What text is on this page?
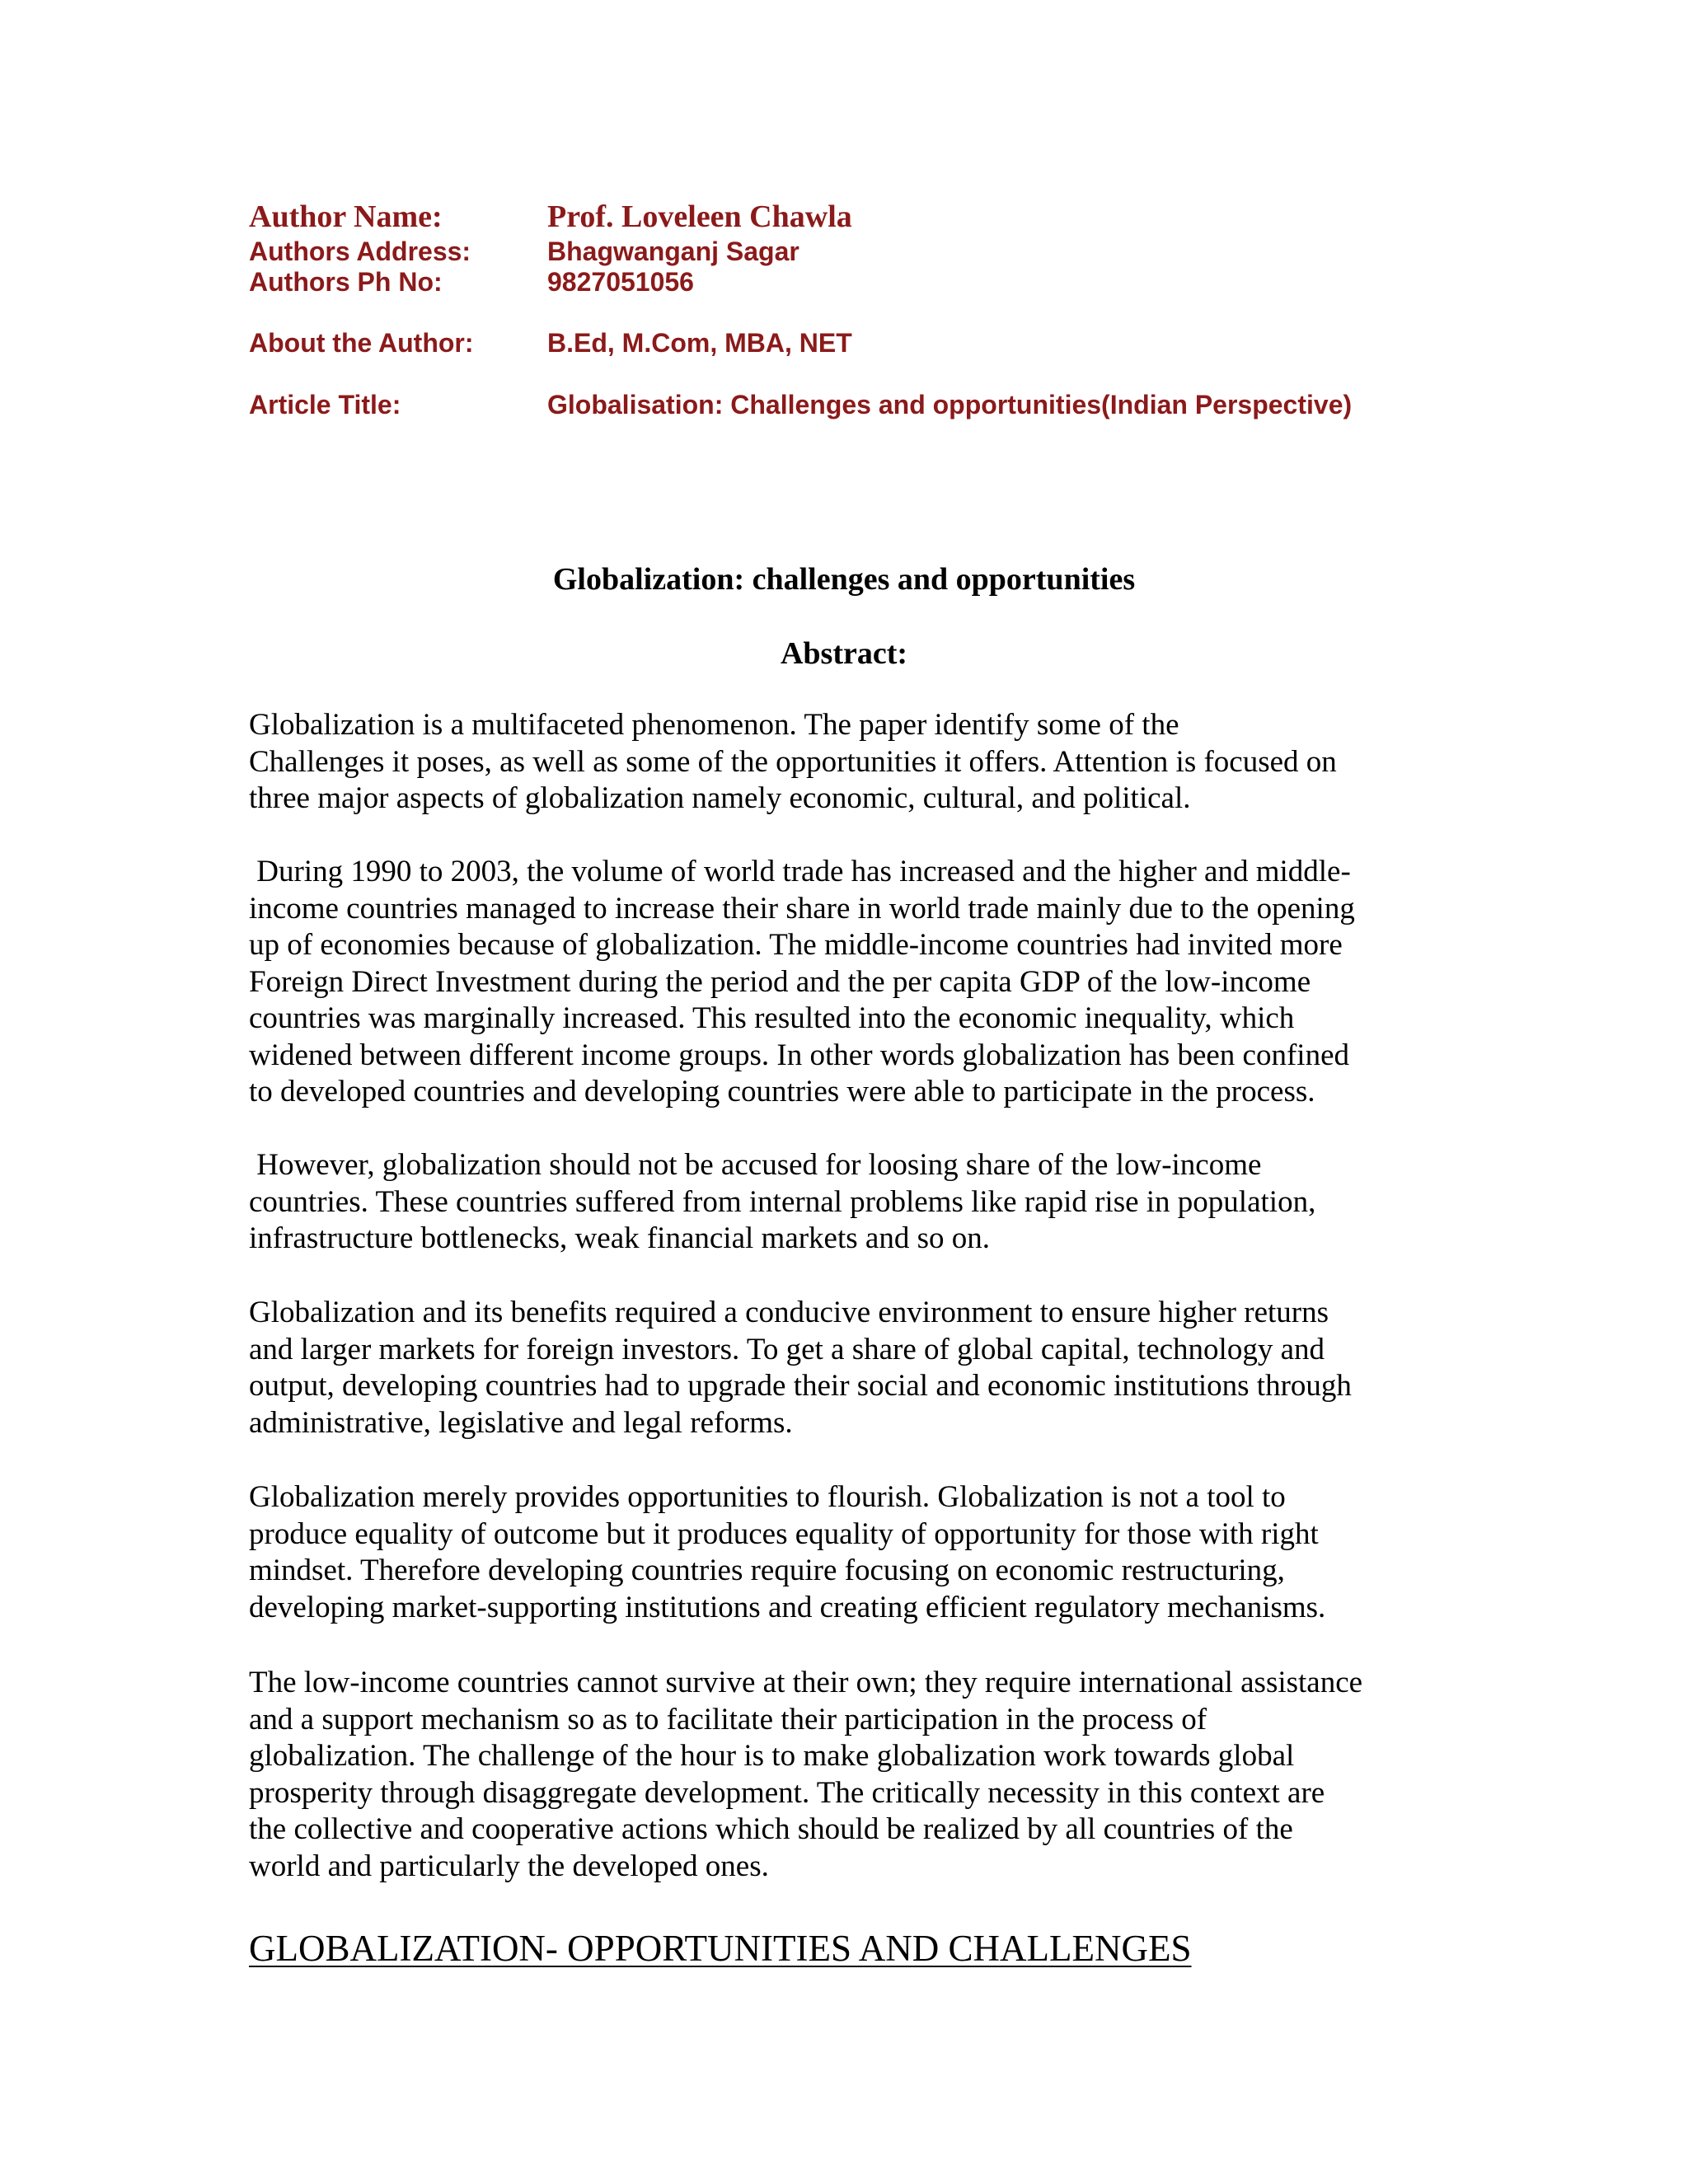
Author Name:	Prof. Loveleen Chawla
Authors Address:	Bhagwanganj Sagar
Authors Ph No:	9827051056
About the Author:	B.Ed, M.Com, MBA, NET
Article Title:	Globalisation: Challenges and opportunities(Indian Perspective)
Globalization: challenges and opportunities
Abstract:
Globalization is a multifaceted phenomenon. The paper identify some of the
Challenges it poses, as well as some of the opportunities it offers. Attention is focused on
three major aspects of globalization namely economic, cultural, and political.
During 1990 to 2003, the volume of world trade has increased and the higher and middle-
income countries managed to increase their share in world trade mainly due to the opening
up of economies because of globalization. The middle-income countries had invited more
Foreign Direct Investment during the period and the per capita GDP of the low-income
countries was marginally increased. This resulted into the economic inequality, which
widened between different income groups. In other words globalization has been confined
to developed countries and developing countries were able to participate in the process.
However, globalization should not be accused for loosing share of the low-income
countries. These countries suffered from internal problems like rapid rise in population,
infrastructure bottlenecks, weak financial markets and so on.
Globalization and its benefits required a conducive environment to ensure higher returns
and larger markets for foreign investors. To get a share of global capital, technology and
output, developing countries had to upgrade their social and economic institutions through
administrative, legislative and legal reforms.
Globalization merely provides opportunities to flourish. Globalization is not a tool to
produce equality of outcome but it produces equality of opportunity for those with right
mindset. Therefore developing countries require focusing on economic restructuring,
developing market-supporting institutions and creating efficient regulatory mechanisms.
The low-income countries cannot survive at their own; they require international assistance
and a support mechanism so as to facilitate their participation in the process of
globalization. The challenge of the hour is to make globalization work towards global
prosperity through disaggregate development. The critically necessity in this context are
the collective and cooperative actions which should be realized by all countries of the
world and particularly the developed ones.
GLOBALIZATION- OPPORTUNITIES AND CHALLENGES
